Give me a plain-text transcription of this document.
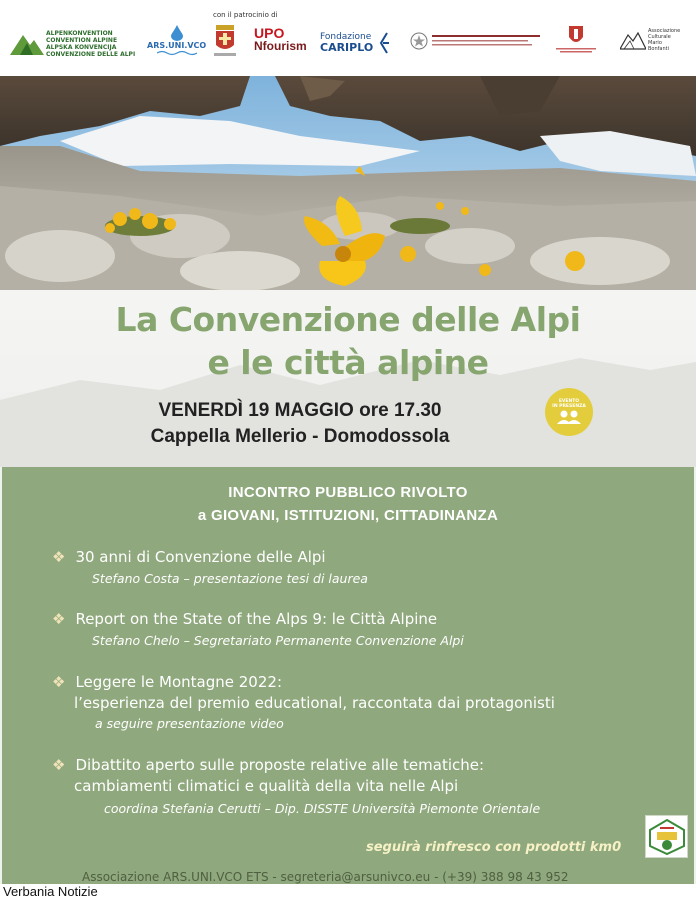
con il patrocinio di
ALPENKONVENTION
CONVENTION ALPINE
ALPSKA KONVENCIJA
CONVENZIONE DELLE ALPI
ARS.UNI.VCO
UPO
Nfourism
Fondazione
CARIPLO
Associazione
Culturale
Mario
Bonfanti
La Convenzione delle Alpi
e le città alpine
VENERDÌ 19 MAGGIO ore 17.30
Cappella Mellerio - Domodossola
EVENTO
IN PRESENZA
INCONTRO PUBBLICO RIVOLTO
a GIOVANI, ISTITUZIONI, CITTADINANZA
❖ 30 anni di Convenzione delle Alpi
Stefano Costa – presentazione tesi di laurea
❖ Report on the State of the Alps 9: le Città Alpine
Stefano Chelo – Segretariato Permanente Convenzione Alpi
❖ Leggere le Montagne 2022:
l’esperienza del premio educational, raccontata dai protagonisti
a seguire presentazione video
❖ Dibattito aperto sulle proposte relative alle tematiche:
cambiamenti climatici e qualità della vita nelle Alpi
coordina Stefania Cerutti – Dip. DISSTE Università Piemonte Orientale
seguirà rinfresco con prodotti km0
Associazione ARS.UNI.VCO ETS - segreteria@arsunivco.eu - (+39) 388 98 43 952
Verbania Notizie
